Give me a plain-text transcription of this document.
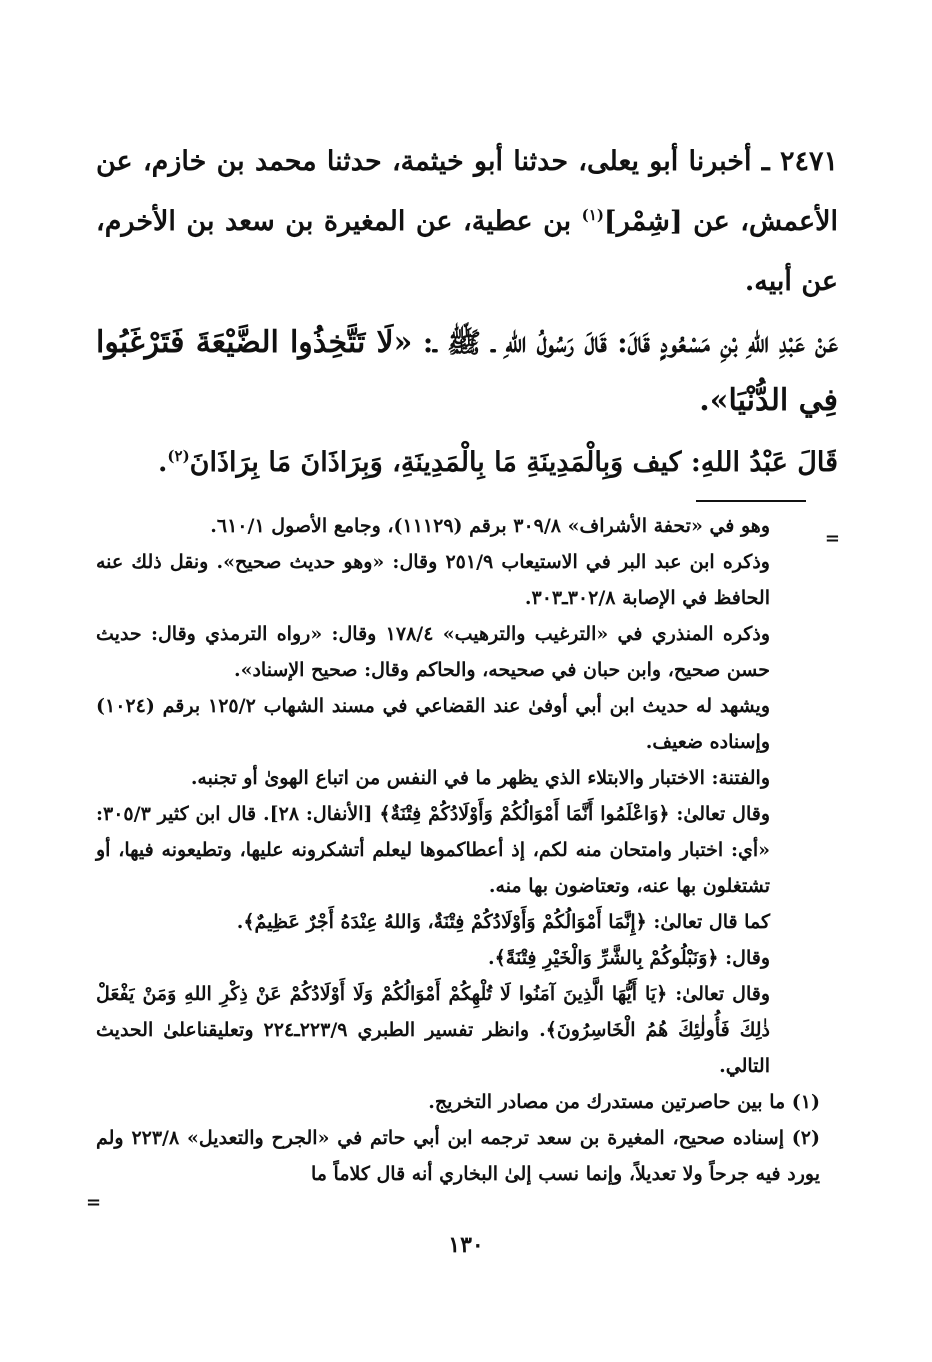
٢٤٧١ ـ أخبرنا أبو يعلى، حدثنا أبو خيثمة، حدثنا محمد بن خازم، عن الأعمش، عن [شِمْر]$^{(١)}$ بن عطية، عن المغيرة بن سعد بن الأخرم، عن أبيه.

عَنْ عَبْدِ اللهِ بْنِ مَسْعُودٍ قَالَ: قَالَ رَسُولُ اللهِ ـ ﷺ ـ: «لَا تَتَّخِذُوا الضَّيْعَةَ فَتَرْغَبُوا فِي الدُّنْيَا».

قَالَ عَبْدُ اللهِ: كيف وَبِالْمَدِينَةِ مَا بِالْمَدِينَةِ، وَبِرَاذَانَ مَا بِرَاذَانَ$^{(٢)}$.

=

وهو في «تحفة الأشراف» ٣٠٩/٨ برقم (١١١٢٩)، وجامع الأصول ٦١٠/١.

وذكره ابن عبد البر في الاستيعاب ٢٥١/٩ وقال: «وهو حديث صحيح». ونقل ذلك عنه الحافظ في الإصابة ٣٠٢/٨ـ٣٠٣.

وذكره المنذري في «الترغيب والترهيب» ١٧٨/٤ وقال: «رواه الترمذي وقال: حديث حسن صحيح، وابن حبان في صحيحه، والحاكم وقال: صحيح الإسناد».

ويشهد له حديث ابن أبي أوفىٰ عند القضاعي في مسند الشهاب ١٢٥/٢ برقم (١٠٢٤) وإسناده ضعيف.

والفتنة: الاختبار والابتلاء الذي يظهر ما في النفس من اتباع الهوىٰ أو تجنبه.

وقال تعالىٰ: ﴿وَاعْلَمُوا أَنَّمَا أَمْوَالُكُمْ وَأَوْلَادُكُمْ فِتْنَةٌ﴾ [الأنفال: ٢٨]. قال ابن كثير ٣٠٥/٣: «أي: اختبار وامتحان منه لكم، إذ أعطاكموها ليعلم أتشكرونه عليها، وتطيعونه فيها، أو تشتغلون بها عنه، وتعتاضون بها منه.

كما قال تعالىٰ: ﴿إِنَّمَا أَمْوَالُكُمْ وَأَوْلَادُكُمْ فِتْنَةٌ، وَاللهُ عِنْدَهُ أَجْرٌ عَظِيمٌ﴾.

وقال: ﴿وَنَبْلُوكُمْ بِالشَّرِّ وَالْخَيْرِ فِتْنَةً﴾.

وقال تعالىٰ: ﴿يَا أَيُّهَا الَّذِينَ آمَنُوا لَا تُلْهِكُمْ أَمْوَالُكُمْ وَلَا أَوْلَادُكُمْ عَنْ ذِكْرِ اللهِ وَمَنْ يَفْعَلْ ذٰلِكَ فَأُولٰئِكَ هُمُ الْخَاسِرُونَ﴾. وانظر تفسير الطبري ٢٢٣/٩ـ٢٢٤ وتعليقناعلىٰ الحديث التالي.

(١) ما بين حاصرتين مستدرك من مصادر التخريج.

(٢) إسناده صحيح، المغيرة بن سعد ترجمه ابن أبي حاتم في «الجرح والتعديل» ٢٢٣/٨ ولم يورد فيه جرحاً ولا تعديلاً، وإنما نسب إلىٰ البخاري أنه قال كلاماً ما

=
١٣٠
